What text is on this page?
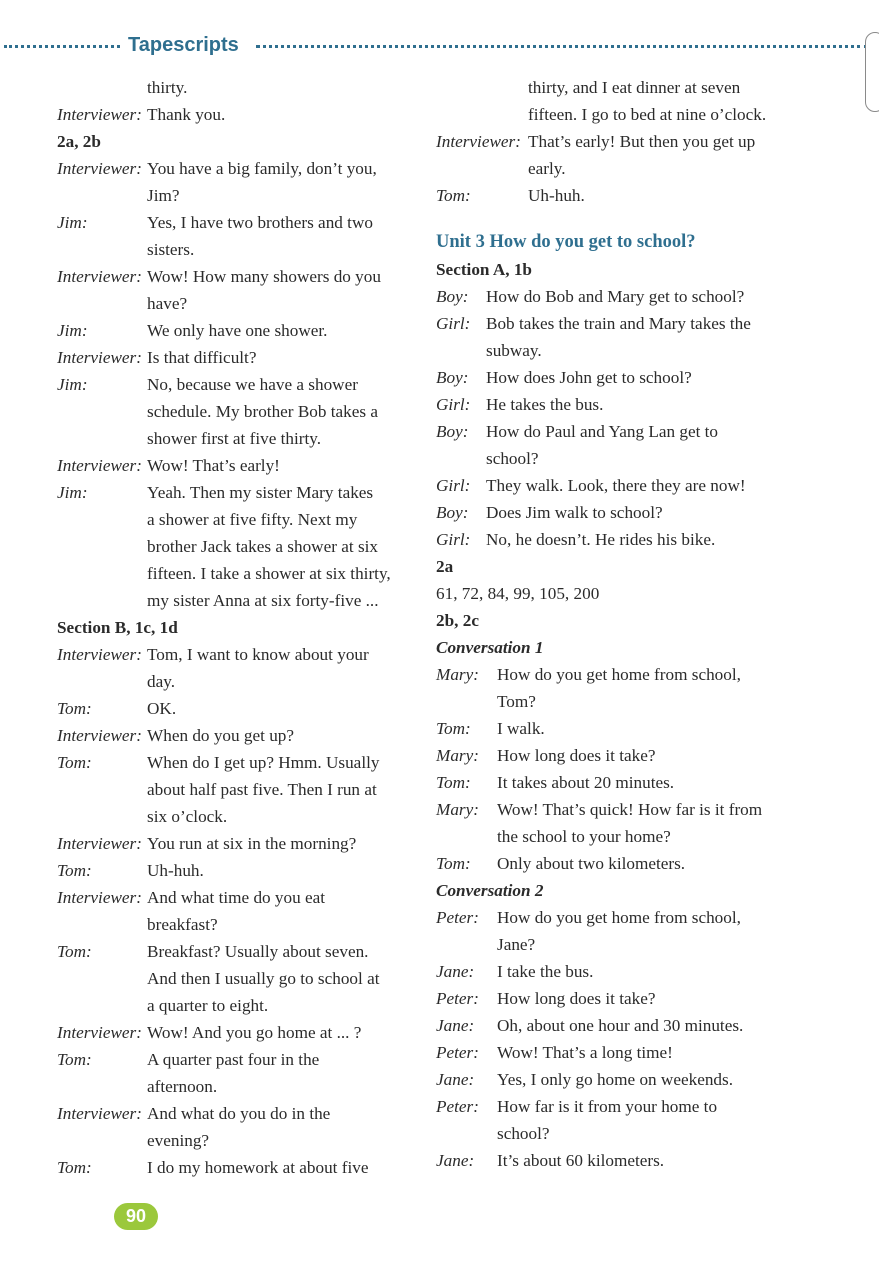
Tapescripts
thirty.
Interviewer: Thank you.
2a, 2b
Interviewer: You have a big family, don’t you,
Jim?
Jim:	Yes, I have two brothers and two
sisters.
Interviewer: Wow! How many showers do you
have?
Jim:	We only have one shower.
Interviewer: Is that difficult?
Jim:	No, because we have a shower
schedule. My brother Bob takes a
shower first at five thirty.
Interviewer: Wow! That’s early!
Jim:	Yeah. Then my sister Mary takes
a shower at five fifty. Next my
brother Jack takes a shower at six
fifteen. I take a shower at six thirty,
my sister Anna at six forty-five ...
Section B, 1c, 1d
Interviewer: Tom, I want to know about your
day.
Tom:	OK.
Interviewer: When do you get up?
Tom:	When do I get up? Hmm. Usually
about half past five. Then I run at
six o’clock.
Interviewer: You run at six in the morning?
Tom:	Uh-huh.
Interviewer: And what time do you eat
breakfast?
Tom:	Breakfast? Usually about seven.
And then I usually go to school at
a quarter to eight.
Interviewer: Wow! And you go home at ... ?
Tom:	A quarter past four in the
afternoon.
Interviewer: And what do you do in the
evening?
Tom:	I do my homework at about five
thirty, and I eat dinner at seven
fifteen. I go to bed at nine o’clock.
Interviewer: That’s early! But then you get up
early.
Tom:	Uh-huh.
Unit 3 How do you get to school?
Section A, 1b
Boy:	How do Bob and Mary get to school?
Girl: Bob takes the train and Mary takes the
subway.
Boy:	How does John get to school?
Girl: He takes the bus.
Boy:	How do Paul and Yang Lan get to
school?
Girl: They walk. Look, there they are now!
Boy:	Does Jim walk to school?
Girl: No, he doesn’t. He rides his bike.
2a
61, 72, 84, 99, 105, 200
2b, 2c
Conversation 1
Mary:	How do you get home from school,
Tom?
Tom:	I walk.
Mary:	How long does it take?
Tom:	It takes about 20 minutes.
Mary:	Wow! That’s quick! How far is it from
the school to your home?
Tom:	Only about two kilometers.
Conversation 2
Peter:	How do you get home from school,
Jane?
Jane:	I take the bus.
Peter:	How long does it take?
Jane:	Oh, about one hour and 30 minutes.
Peter:	Wow! That’s a long time!
Jane:	Yes, I only go home on weekends.
Peter:	How far is it from your home to
school?
Jane:	It’s about 60 kilometers.
90
